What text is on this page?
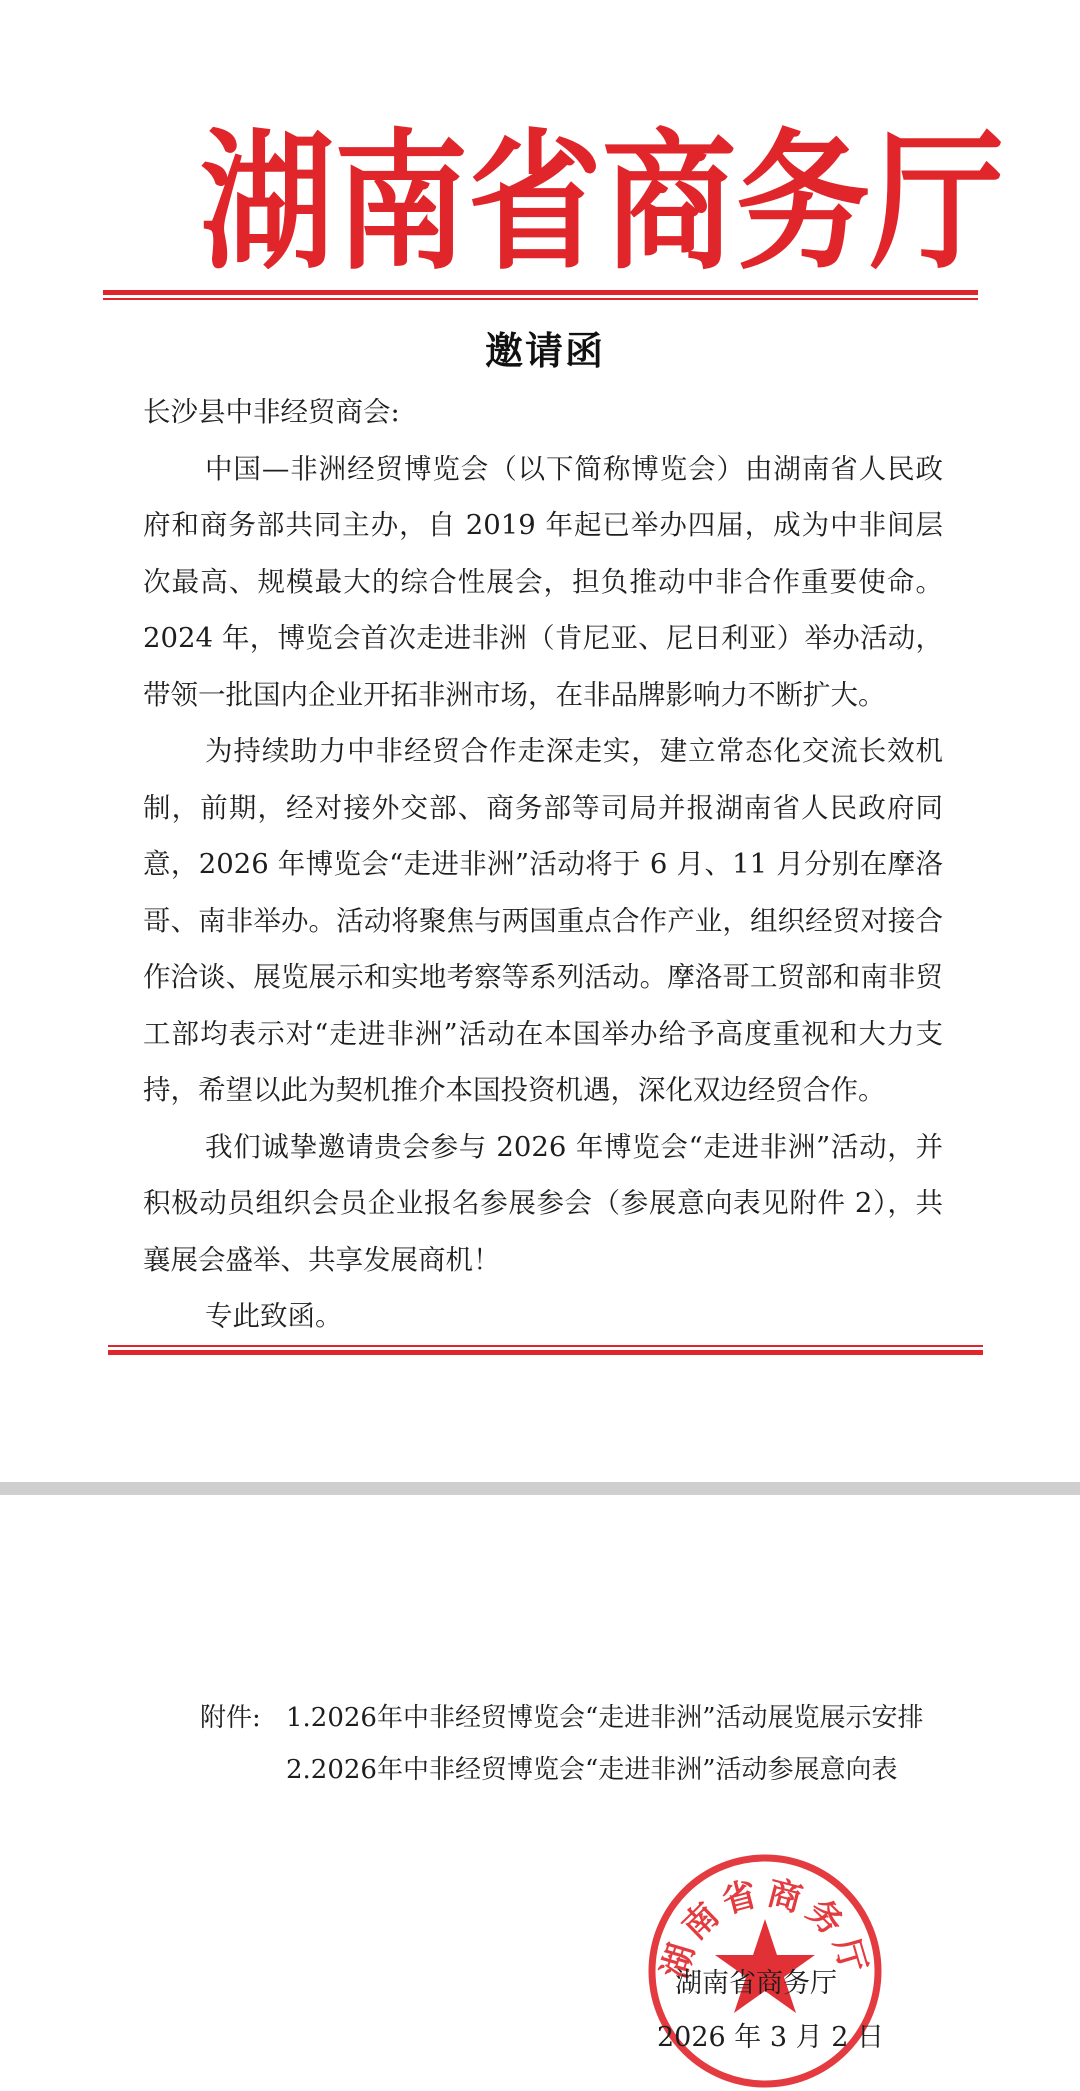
湖 南 省 商 务 厅
邀请函

长沙县中非经贸商会:

中国—非洲经贸博览会（以下简称博览会）由湖南省人民政府和商务部共同主办，自 2019 年起已举办四届，成为中非间层次最高、规模最大的综合性展会，担负推动中非合作重要使命。2024 年，博览会首次走进非洲（肯尼亚、尼日利亚）举办活动，带领一批国内企业开拓非洲市场，在非品牌影响力不断扩大。

为持续助力中非经贸合作走深走实，建立常态化交流长效机制，前期，经对接外交部、商务部等司局并报湖南省人民政府同意，2026 年博览会“走进非洲”活动将于 6 月、11 月分别在摩洛哥、南非举办。活动将聚焦与两国重点合作产业，组织经贸对接合作洽谈、展览展示和实地考察等系列活动。摩洛哥工贸部和南非贸工部均表示对“走进非洲”活动在本国举办给予高度重视和大力支持，希望以此为契机推介本国投资机遇，深化双边经贸合作。

我们诚挚邀请贵会参与 2026 年博览会“走进非洲”活动，并积极动员组织会员企业报名参展参会（参展意向表见附件 2），共襄展会盛举、共享发展商机！

专此致函。

附件: 1.2026年中非经贸博览会“走进非洲”活动展览展示安排
2.2026年中非经贸博览会“走进非洲”活动参展意向表
湖南省商务厅
湖南省商务厅
2026 年 3 月 2 日
